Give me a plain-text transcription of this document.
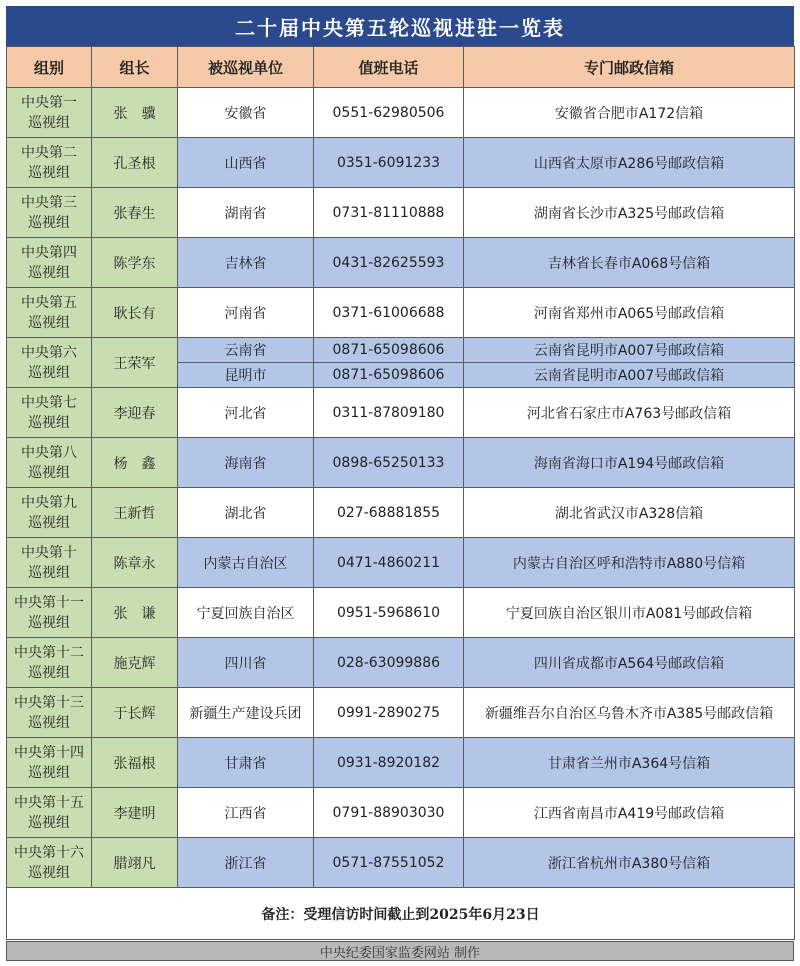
二十届中央第五轮巡视进驻一览表
组别	组长	被巡视单位	值班电话	专门邮政信箱

中央第一
巡视组	张　骥	安徽省	0551-62980506	安徽省合肥市A172信箱

中央第二
巡视组	孔圣根	山西省	0351-6091233	山西省太原市A286号邮政信箱

中央第三
巡视组	张春生	湖南省	0731-81110888	湖南省长沙市A325号邮政信箱

中央第四
巡视组	陈学东	吉林省	0431-82625593	吉林省长春市A068号信箱

中央第五
巡视组	耿长有	河南省	0371-61006688	河南省郑州市A065号邮政信箱

中央第六
巡视组	王荣军	云南省	0871-65098606	云南省昆明市A007号邮政信箱
		昆明市	0871-65098606	云南省昆明市A007号邮政信箱

中央第七
巡视组	李迎春	河北省	0311-87809180	河北省石家庄市A763号邮政信箱

中央第八
巡视组	杨　鑫	海南省	0898-65250133	海南省海口市A194号邮政信箱

中央第九
巡视组	王新哲	湖北省	027-68881855	湖北省武汉市A328信箱

中央第十
巡视组	陈章永	内蒙古自治区	0471-4860211	内蒙古自治区呼和浩特市A880号信箱

中央第十一
巡视组	张　谦	宁夏回族自治区	0951-5968610	宁夏回族自治区银川市A081号邮政信箱

中央第十二
巡视组	施克辉	四川省	028-63099886	四川省成都市A564号邮政信箱

中央第十三
巡视组	于长辉	新疆生产建设兵团	0991-2890275	新疆维吾尔自治区乌鲁木齐市A385号邮政信箱

中央第十四
巡视组	张福根	甘肃省	0931-8920182	甘肃省兰州市A364号信箱

中央第十五
巡视组	李建明	江西省	0791-88903030	江西省南昌市A419号邮政信箱

中央第十六
巡视组	腊翊凡	浙江省	0571-87551052	浙江省杭州市A380号信箱
备注：受理信访时间截止到2025年6月23日				
中央纪委国家监委网站 制作
